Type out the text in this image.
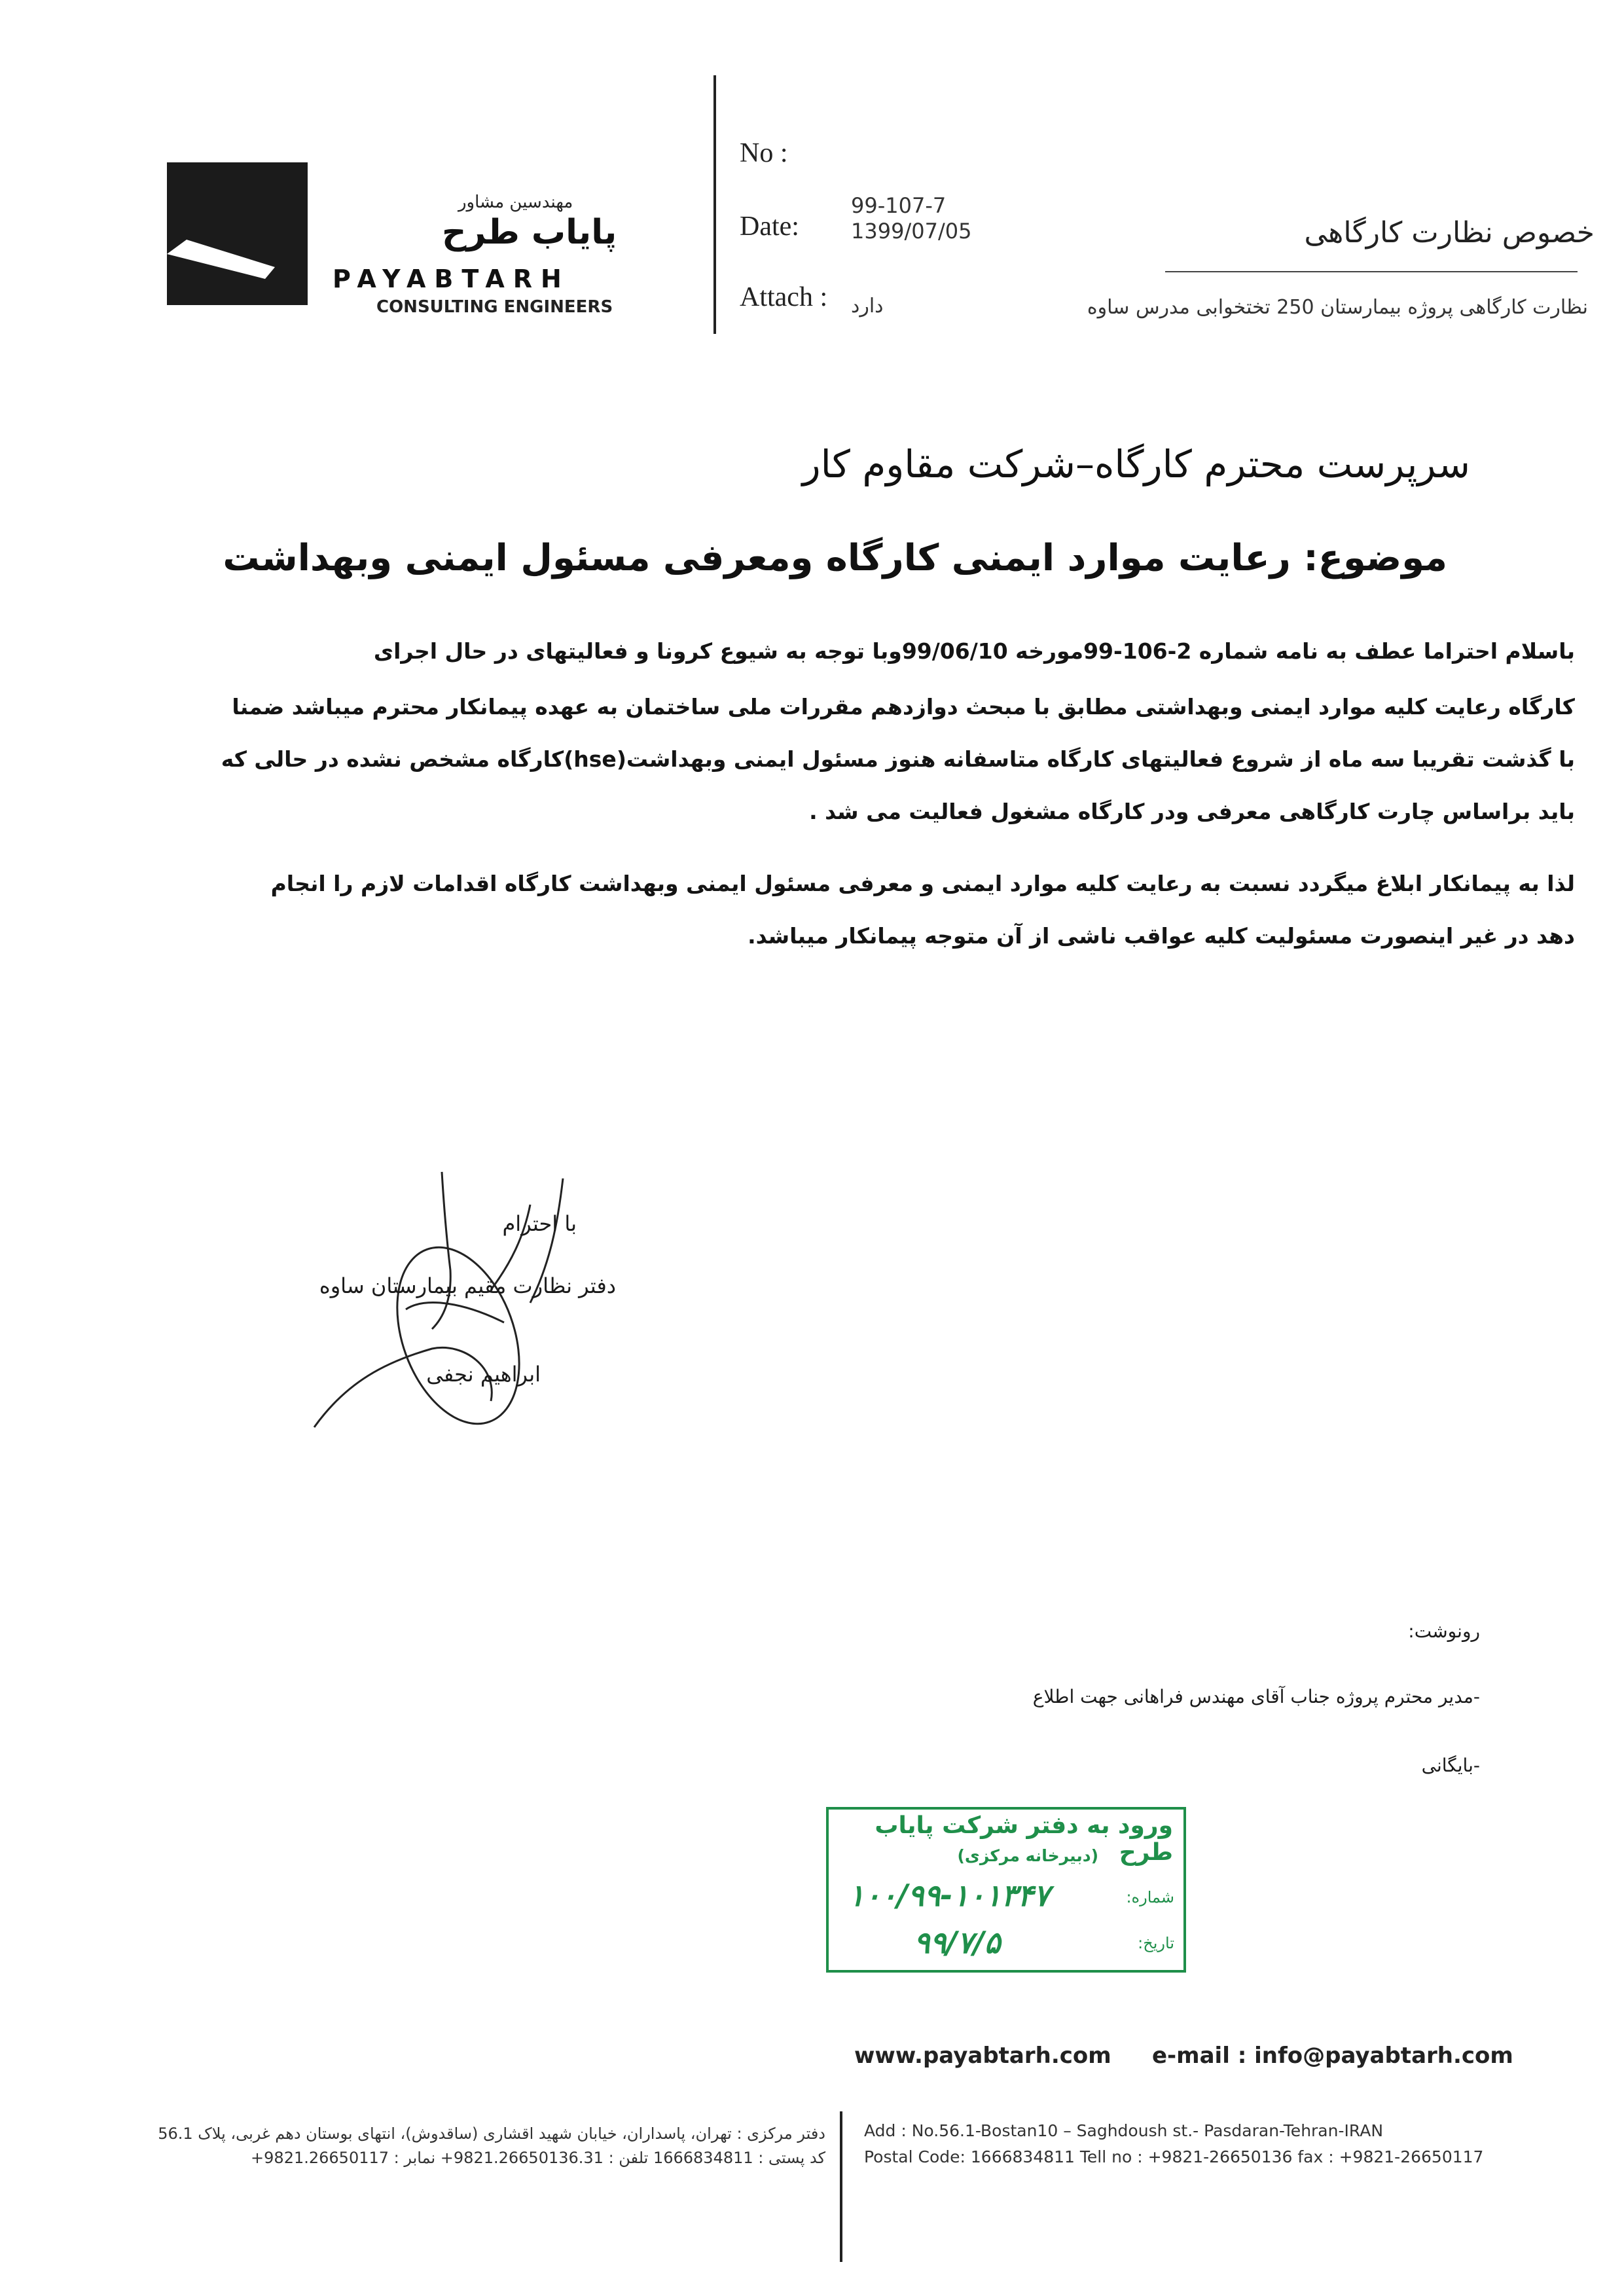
مهندسین مشاور
پایاب طرح
PAYABTARH
CONSULTING ENGINEERS
No :
Date:
Attach :
99-107-7
1399/07/05
دارد
خصوص نظارت کارگاهی
نظارت کارگاهی پروژه بیمارستان 250 تختخوابی مدرس ساوه
سرپرست محترم کارگاه–شرکت مقاوم کار
موضوع: رعایت موارد ایمنی کارگاه ومعرفی مسئول ایمنی وبهداشت
باسلام احتراما عطف به نامه شماره 2-106-99مورخه 99/06/10وبا توجه به شیوع کرونا و فعالیتهای در حال اجرای
کارگاه رعایت کلیه موارد ایمنی وبهداشتی مطابق با مبحث دوازدهم مقررات ملی ساختمان به عهده پیمانکار محترم میباشد ضمنا
با گذشت تقریبا سه ماه از شروع فعالیتهای کارگاه متاسفانه هنوز مسئول ایمنی وبهداشت(hse)کارگاه مشخص نشده در حالی که
باید براساس چارت کارگاهی معرفی ودر کارگاه مشغول فعالیت می شد .
لذا به پیمانکار ابلاغ میگردد نسبت به رعایت کلیه موارد ایمنی و معرفی مسئول ایمنی وبهداشت کارگاه اقدامات لازم را انجام
دهد در غیر اینصورت مسئولیت کلیه عواقب ناشی از آن متوجه پیمانکار میباشد.
با احترام
دفتر نظارت مقیم بیمارستان ساوه
ابراهیم نجفی
رونوشت:
-مدیر محترم پروژه جناب آقای مهندس فراهانی جهت اطلاع
-بایگانی
ورود به دفتر شرکت پایاب طرح
(دبیرخانه مرکزی)
شماره:
۱۰۰/۹۹-۱۰۱۳۴۷
تاریخ:
۹۹/۷/۵
www.payabtarh.com e-mail : info@payabtarh.com
Add : No.56.1-Bostan10 – Saghdoush st.- Pasdaran-Tehran-IRAN
Postal Code: 1666834811 Tell no : +9821-26650136 fax : +9821-26650117
دفتر مرکزی : تهران، پاسداران، خیابان شهید اقشاری (ساقدوش)، انتهای بوستان دهم غربی، پلاک 56.1
کد پستی : 1666834811 تلفن : 9821.26650136.31+ نمابر : 9821.26650117+
